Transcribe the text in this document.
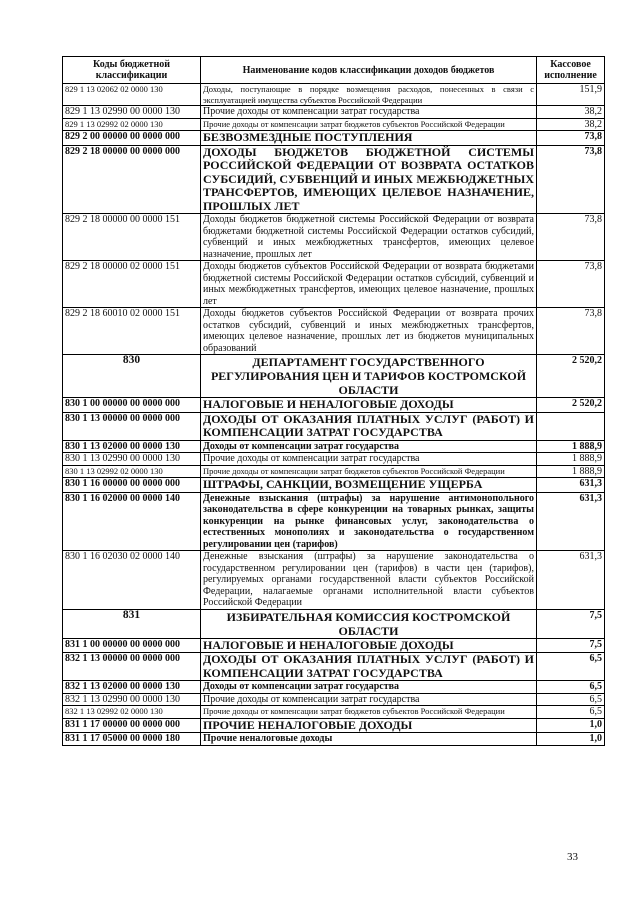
Коды бюджетной классификации	Наименование кодов классификации доходов бюджетов	Кассовое исполнение
829 1 13 02062 02 0000 130	Доходы, поступающие в порядке возмещения расходов, понесенных в связи с эксплуатацией имущества субъектов Российской Федерации	151,9
829 1 13 02990 00 0000 130	Прочие доходы от компенсации затрат государства	38,2
829 1 13 02992 02 0000 130	Прочие доходы от компенсации затрат бюджетов субъектов Российской Федерации	38,2
829 2 00 00000 00 0000 000	БЕЗВОЗМЕЗДНЫЕ ПОСТУПЛЕНИЯ	73,8
829 2 18 00000 00 0000 000	ДОХОДЫ БЮДЖЕТОВ БЮДЖЕТНОЙ СИСТЕМЫ РОССИЙСКОЙ ФЕДЕРАЦИИ ОТ ВОЗВРАТА ОСТАТКОВ СУБСИДИЙ, СУБВЕНЦИЙ И ИНЫХ МЕЖБЮДЖЕТНЫХ ТРАНСФЕРТОВ, ИМЕЮЩИХ ЦЕЛЕВОЕ НАЗНАЧЕНИЕ, ПРОШЛЫХ ЛЕТ	73,8
829 2 18 00000 00 0000 151	Доходы бюджетов бюджетной системы Российской Федерации от возврата бюджетами бюджетной системы Российской Федерации остатков субсидий, субвенций и иных межбюджетных трансфертов, имеющих целевое назначение, прошлых лет	73,8
829 2 18 00000 02 0000 151	Доходы бюджетов субъектов Российской Федерации от возврата бюджетами бюджетной системы Российской Федерации остатков субсидий, субвенций и иных межбюджетных трансфертов, имеющих целевое назначение, прошлых лет	73,8
829 2 18 60010 02 0000 151	Доходы бюджетов субъектов Российской Федерации от возврата прочих остатков субсидий, субвенций и иных межбюджетных трансфертов, имеющих целевое назначение, прошлых лет из бюджетов муниципальных образований	73,8
830	ДЕПАРТАМЕНТ ГОСУДАРСТВЕННОГО РЕГУЛИРОВАНИЯ ЦЕН И ТАРИФОВ КОСТРОМСКОЙ ОБЛАСТИ	2 520,2
830 1 00 00000 00 0000 000	НАЛОГОВЫЕ И НЕНАЛОГОВЫЕ ДОХОДЫ	2 520,2
830 1 13 00000 00 0000 000	ДОХОДЫ ОТ ОКАЗАНИЯ ПЛАТНЫХ УСЛУГ (РАБОТ) И КОМПЕНСАЦИИ ЗАТРАТ ГОСУДАРСТВА	
830 1 13 02000 00 0000 130	Доходы от компенсации затрат государства	1 888,9
830 1 13 02990 00 0000 130	Прочие доходы от компенсации затрат государства	1 888,9
830 1 13 02992 02 0000 130	Прочие доходы от компенсации затрат бюджетов субъектов Российской Федерации	1 888,9
830 1 16 00000 00 0000 000	ШТРАФЫ, САНКЦИИ, ВОЗМЕЩЕНИЕ УЩЕРБА	631,3
830 1 16 02000 00 0000 140	Денежные взыскания (штрафы) за нарушение антимонопольного законодательства в сфере конкуренции на товарных рынках, защиты конкуренции на рынке финансовых услуг, законодательства о естественных монополиях и законодательства о государственном регулировании цен (тарифов)	631,3
830 1 16 02030 02 0000 140	Денежные взыскания (штрафы) за нарушение законодательства о государственном регулировании цен (тарифов) в части цен (тарифов), регулируемых органами государственной власти субъектов Российской Федерации, налагаемые органами исполнительной власти субъектов Российской Федерации	631,3
831	ИЗБИРАТЕЛЬНАЯ КОМИССИЯ КОСТРОМСКОЙ ОБЛАСТИ	7,5
831 1 00 00000 00 0000 000	НАЛОГОВЫЕ И НЕНАЛОГОВЫЕ ДОХОДЫ	7,5
832 1 13 00000 00 0000 000	ДОХОДЫ ОТ ОКАЗАНИЯ ПЛАТНЫХ УСЛУГ (РАБОТ) И КОМПЕНСАЦИИ ЗАТРАТ ГОСУДАРСТВА	6,5
832 1 13 02000 00 0000 130	Доходы от компенсации затрат государства	6,5
832 1 13 02990 00 0000 130	Прочие доходы от компенсации затрат государства	6,5
832 1 13 02992 02 0000 130	Прочие доходы от компенсации затрат бюджетов субъектов Российской Федерации	6,5
831 1 17 00000 00 0000 000	ПРОЧИЕ НЕНАЛОГОВЫЕ ДОХОДЫ	1,0
831 1 17 05000 00 0000 180	Прочие неналоговые доходы	1,0
33
